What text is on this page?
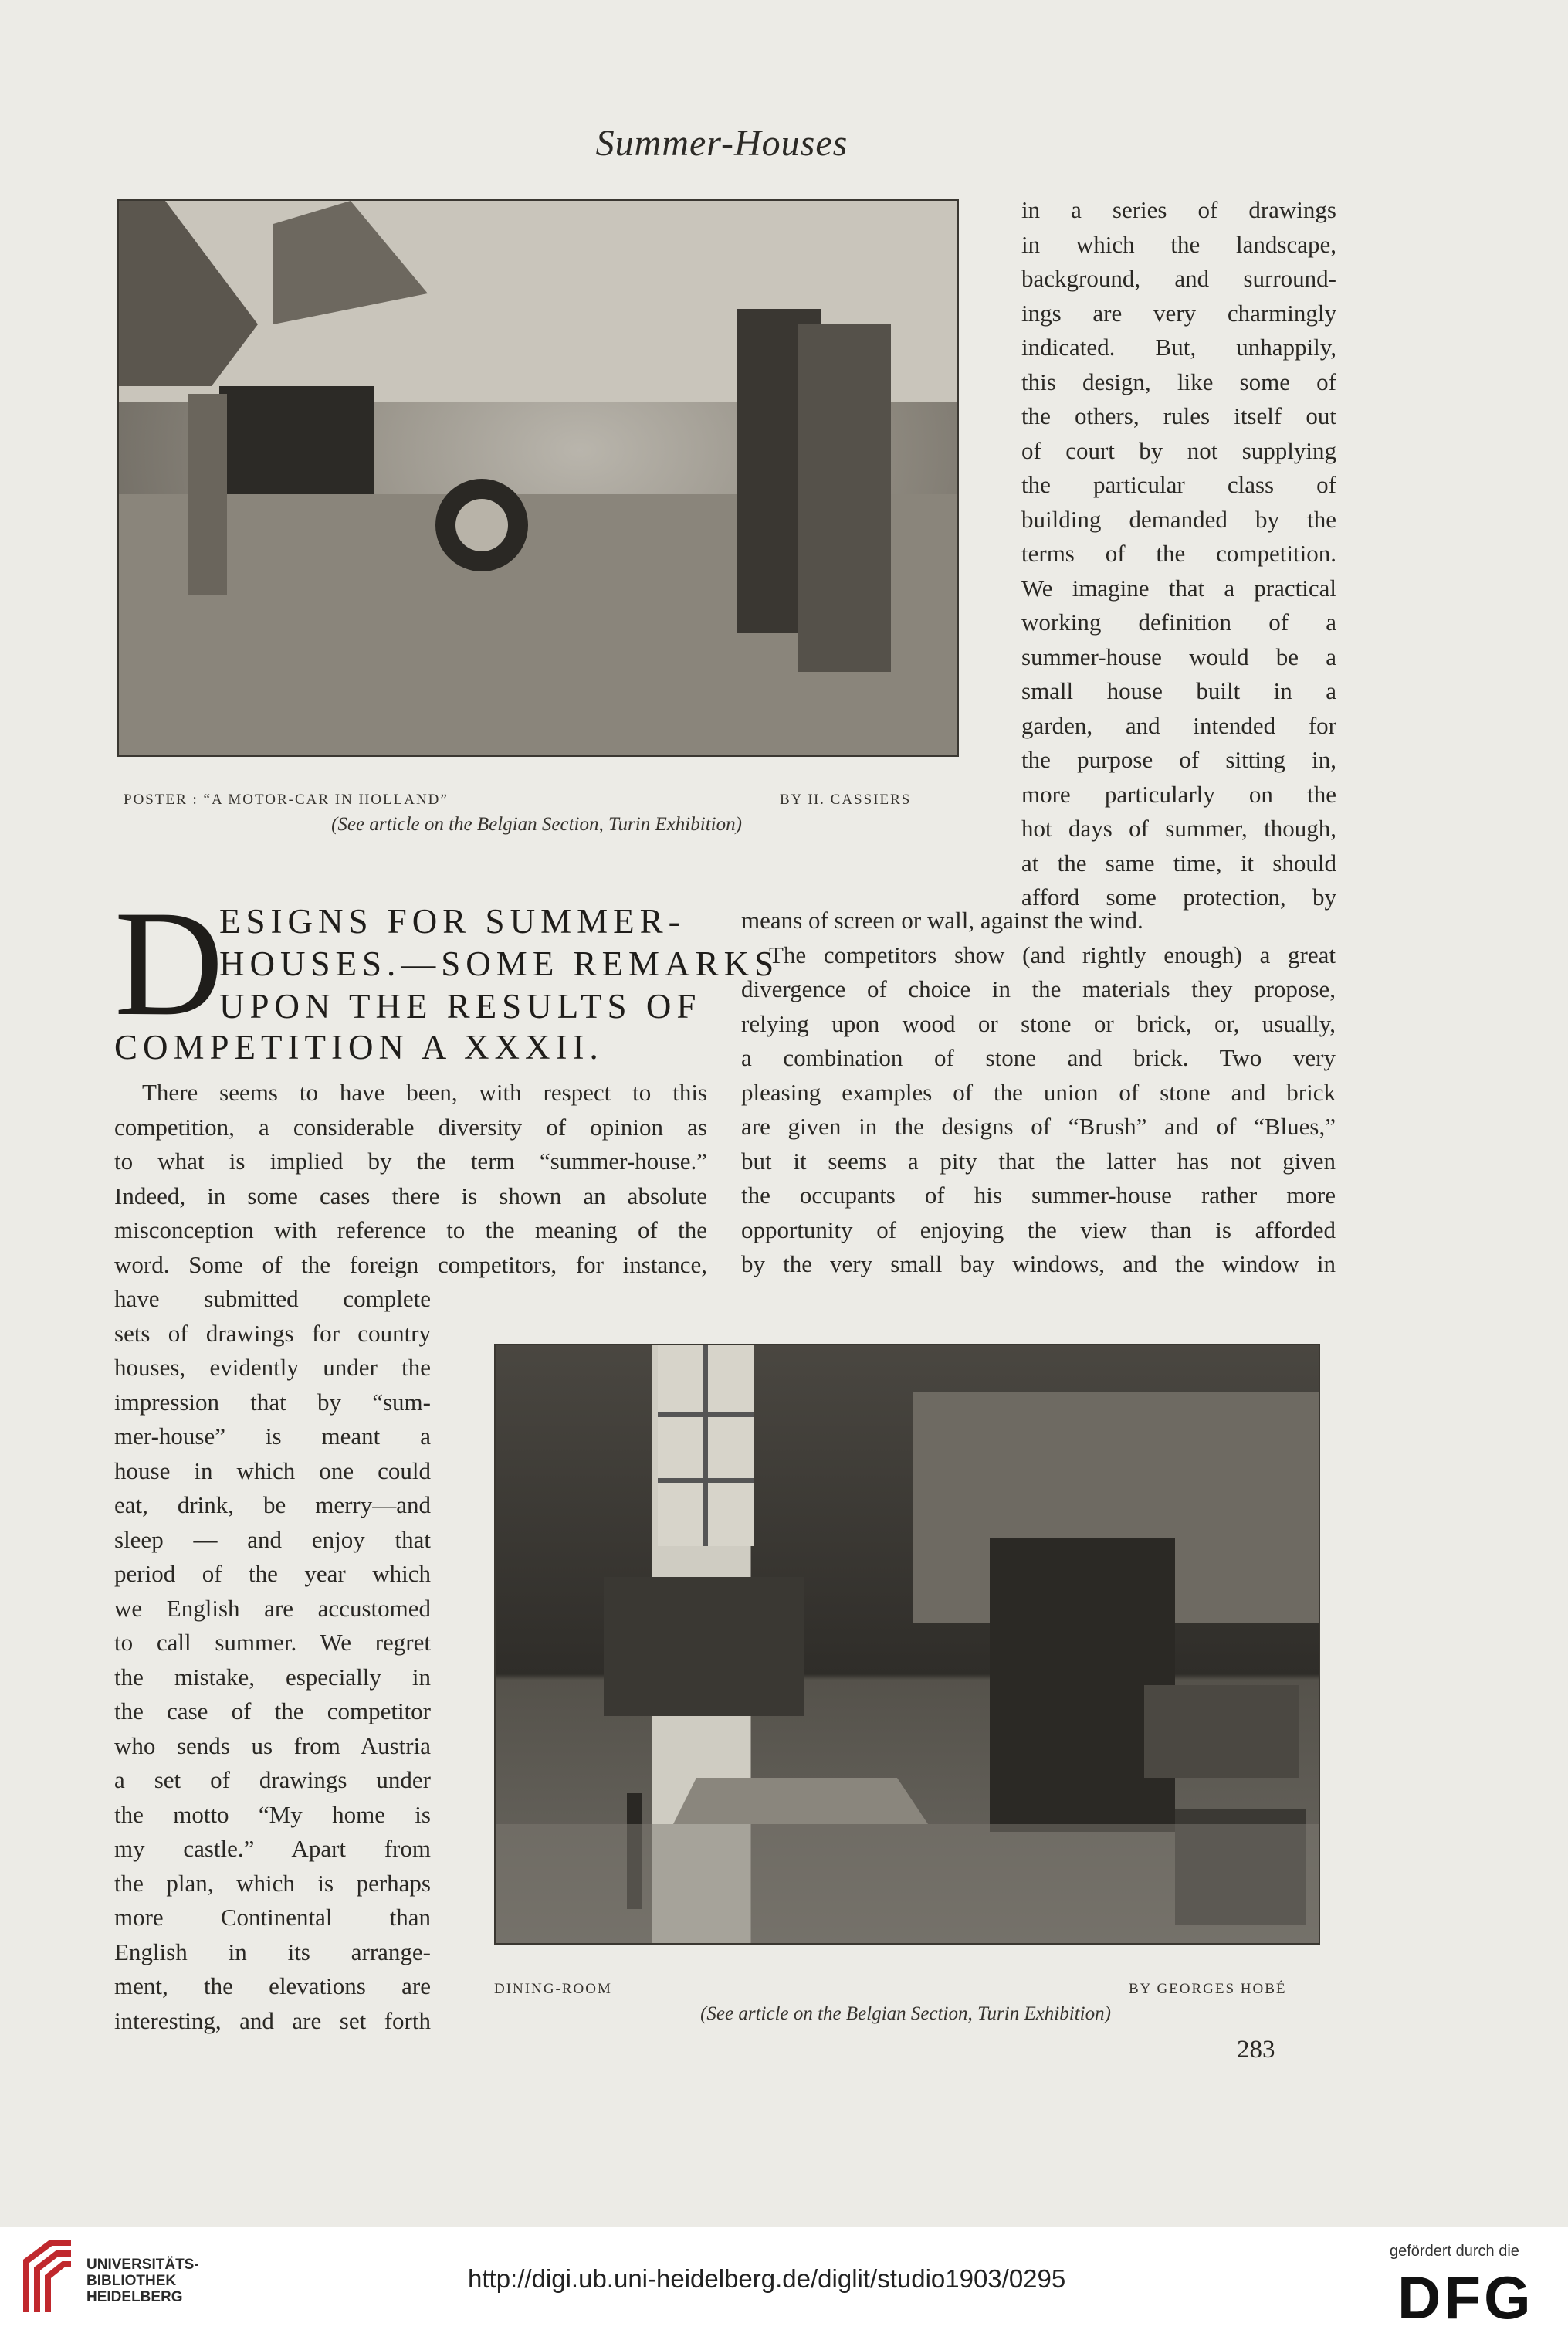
Summer-Houses
POSTER : “A MOTOR-CAR IN HOLLAND”	BY H. CASSIERS
(See article on the Belgian Section, Turin Exhibition)
in a series of drawings
in which the landscape,
background, and surround-
ings are very charmingly
indicated. But, unhappily,
this design, like some of
the others, rules itself out
of court by not supplying
the particular class of
building demanded by the
terms of the competition.
We imagine that a practical
working definition of a
summer-house would be a
small house built in a
garden, and intended for
the purpose of sitting in,
more particularly on the
hot days of summer, though,
at the same time, it should
afford some protection, by
D
ESIGNS FOR SUMMER-
HOUSES.—SOME REMARKS
UPON THE RESULTS OF
COMPETITION A XXXII.
There seems to have been, with respect to this
competition, a considerable diversity of opinion as
to what is implied by the term “summer-house.”
Indeed, in some cases there is shown an absolute
misconception with reference to the meaning of the
word. Some of the foreign competitors, for instance,
have submitted complete
sets of drawings for country
houses, evidently under the
impression that by “sum-
mer-house” is meant a
house in which one could
eat, drink, be merry—and
sleep — and enjoy that
period of the year which
we English are accustomed
to call summer. We regret
the mistake, especially in
the case of the competitor
who sends us from Austria
a set of drawings under
the motto “My home is
my castle.” Apart from
the plan, which is perhaps
more Continental than
English in its arrange-
ment, the elevations are
interesting, and are set forth
means of screen or wall, against the wind.
The competitors show (and rightly enough) a great
divergence of choice in the materials they propose,
relying upon wood or stone or brick, or, usually,
a combination of stone and brick. Two very
pleasing examples of the union of stone and brick
are given in the designs of “Brush” and of “Blues,”
but it seems a pity that the latter has not given
the occupants of his summer-house rather more
opportunity of enjoying the view than is afforded
by the very small bay windows, and the window in
DINING-ROOM	BY GEORGES HOBÉ
(See article on the Belgian Section, Turin Exhibition)
283
UNIVERSITÄTS-
BIBLIOTHEK
HEIDELBERG
http://digi.ub.uni-heidelberg.de/diglit/studio1903/0295
gefördert durch die
DFG
